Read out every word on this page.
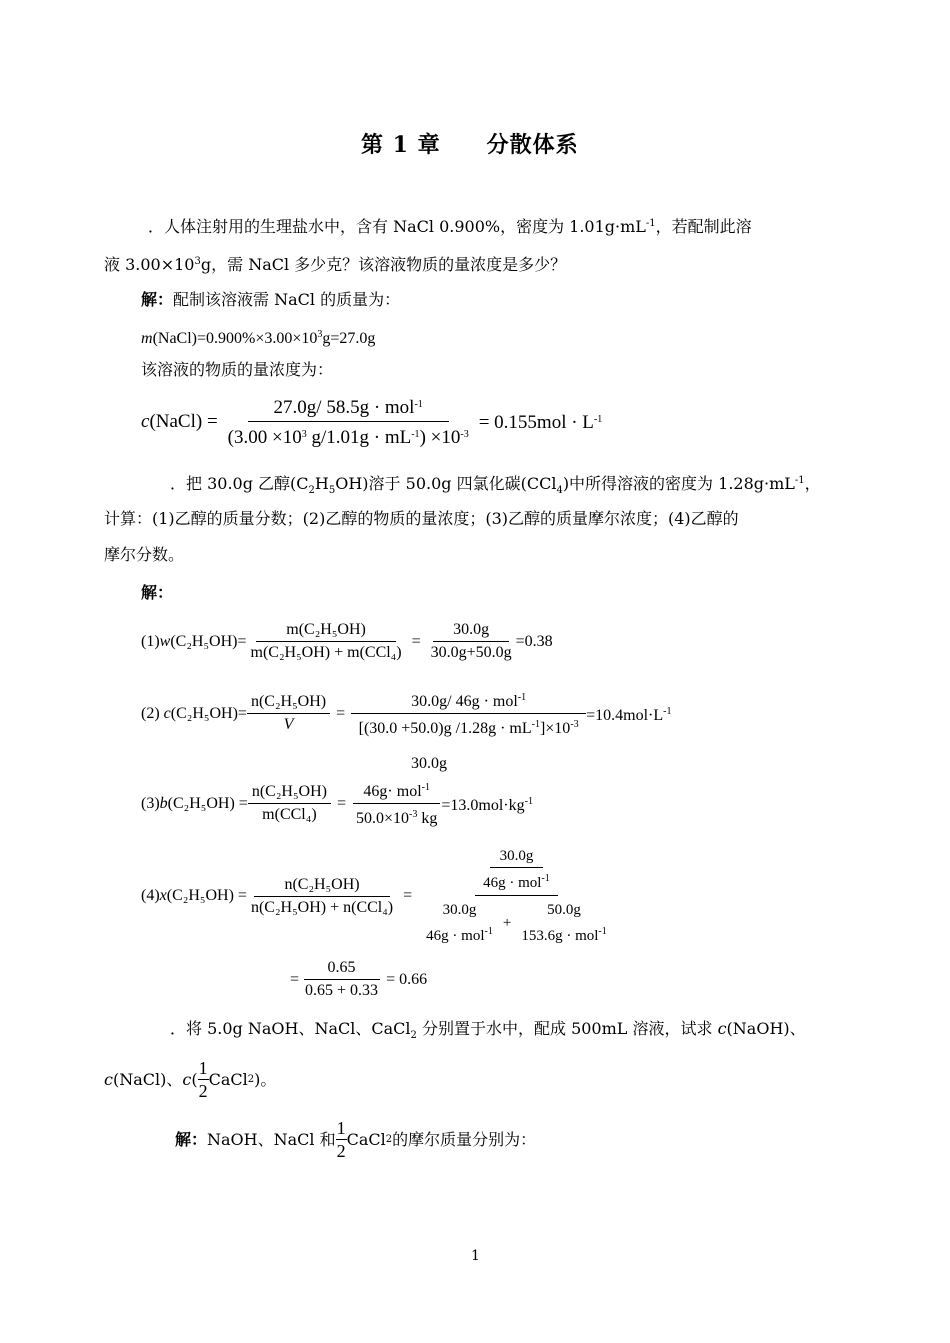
第 1 章　　分散体系
．人体注射用的生理盐水中，含有 NaCl 0.900%，密度为 $1.01g\cdot mL^{-1}$，若配制此溶
液 $3.00\times 10^3g$，需 NaCl 多少克？该溶液物质的量浓度是多少？
解：配制该溶液需 NaCl 的质量为：
$m(NaCl)=0.900\%\times 3.00\times 10^3g=27.0g$
该溶液的物质的量浓度为：
c(NaCl) = $\frac{27.0g/ 58.5g \cdot mol^{-1}}{(3.00 \times 10^3 g/1.01g \cdot mL^{-1}) \times 10^{-3}} = 0.155mol \cdot L^{-1}$
．把 30.0g 乙醇$(C_2H_5OH)$溶于 50.0g 四氯化碳(CCl$_4$)中所得溶液的密度为 $1.28g\cdot mL^{-1}$，
计算：(1)乙醇的质量分数；(2)乙醇的物质的量浓度；(3)乙醇的质量摩尔浓度；(4)乙醇的
摩尔分数。
解：
$(1)w(C_2H_5OH)= \frac{\text{m(C₂H₅OH)}}{\text{m(C₂H₅OH) + m(CCl₄)}} = \frac{30.0g}{30.0g+50.0g} =0.38$
(2) $c(C_2H_5OH)= \frac{\text{n(C₂H₅OH)}}{V} = \frac{30.0g/ 46g \cdot mol^{-1}}{[(30.0 +50.0)g /1.28g \cdot mL^{-1}]\times 10^{-3}} =10.4mol\cdot L^{-1}$
30.0g
$(3)b(C_2H_5OH) = \frac{\text{n(C₂H₅OH)}}{\text{m(CCl₄)}} = \frac{46g\cdot mol^{-1}}{50.0\times 10^{-3} kg} =13.0mol\cdot kg^{-1}$
$(4)x(C_2H_5OH) = \frac{\text{n(C₂H₅OH)}}{\text{n(C₂H₅OH) + n(CCl₄)}}$ =
$\frac{30.0g}{46g \cdot mol^{-1}}$
30.0g
46g · mol$^{-1}$
+
50.0g
153.6g · mol$^{-1}$
= $\frac{0.65}{0.65 + 0.33} = 0.66$
．将 5.0g NaOH、NaCl、CaCl$_2$ 分别置于水中，配成 500mL 溶液，试求 c(NaOH)、
c (NaCl)、 c ( $\frac{1}{2}$ CaCl 2 )。
解： NaOH、NaCl 和 $\frac{1}{2}$ CaCl 2 的摩尔质量分别为：
1
